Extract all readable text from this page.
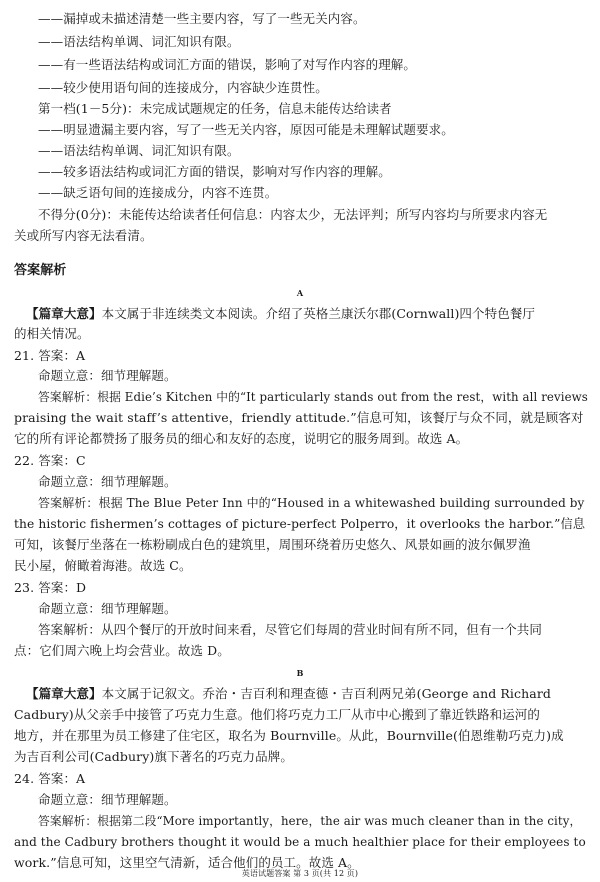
——漏掉或未描述清楚一些主要内容，写了一些无关内容。
——语法结构单调、词汇知识有限。
——有一些语法结构或词汇方面的错误，影响了对写作内容的理解。
——较少使用语句间的连接成分，内容缺少连贯性。
第一档(1－5分)：未完成试题规定的任务，信息未能传达给读者
——明显遗漏主要内容，写了一些无关内容，原因可能是未理解试题要求。
——语法结构单调、词汇知识有限。
——较多语法结构或词汇方面的错误，影响对写作内容的理解。
——缺乏语句间的连接成分，内容不连贯。
不得分(0分)：未能传达给读者任何信息：内容太少，无法评判；所写内容均与所要求内容无
关或所写内容无法看清。
答案解析
A
【篇章大意】本文属于非连续类文本阅读。介绍了英格兰康沃尔郡(Cornwall)四个特色餐厅
的相关情况。
21. 答案：A
命题立意：细节理解题。
答案解析：根据 Edie’s Kitchen 中的“It particularly stands out from the rest，with all reviews
praising the wait staff’s attentive，friendly attitude.”信息可知，该餐厅与众不同，就是顾客对
它的所有评论都赞扬了服务员的细心和友好的态度，说明它的服务周到。故选 A。
22. 答案：C
命题立意：细节理解题。
答案解析：根据 The Blue Peter Inn 中的“Housed in a whitewashed building surrounded by
the historic fishermen’s cottages of picture-perfect Polperro，it overlooks the harbor.”信息
可知，该餐厅坐落在一栋粉刷成白色的建筑里，周围环绕着历史悠久、风景如画的波尔佩罗渔
民小屋，俯瞰着海港。故选 C。
23. 答案：D
命题立意：细节理解题。
答案解析：从四个餐厅的开放时间来看，尽管它们每周的营业时间有所不同，但有一个共同
点：它们周六晚上均会营业。故选 D。
B
【篇章大意】本文属于记叙文。乔治・吉百利和理查德・吉百利两兄弟(George and Richard
Cadbury)从父亲手中接管了巧克力生意。他们将巧克力工厂从市中心搬到了靠近铁路和运河的
地方，并在那里为员工修建了住宅区，取名为 Bournville。从此，Bournville(伯恩维勒巧克力)成
为吉百利公司(Cadbury)旗下著名的巧克力品牌。
24. 答案：A
命题立意：细节理解题。
答案解析：根据第二段“More importantly，here，the air was much cleaner than in the city，
and the Cadbury brothers thought it would be a much healthier place for their employees to
work.”信息可知，这里空气清新，适合他们的员工。故选 A。
英语试题答案 第 3 页(共 12 页)
